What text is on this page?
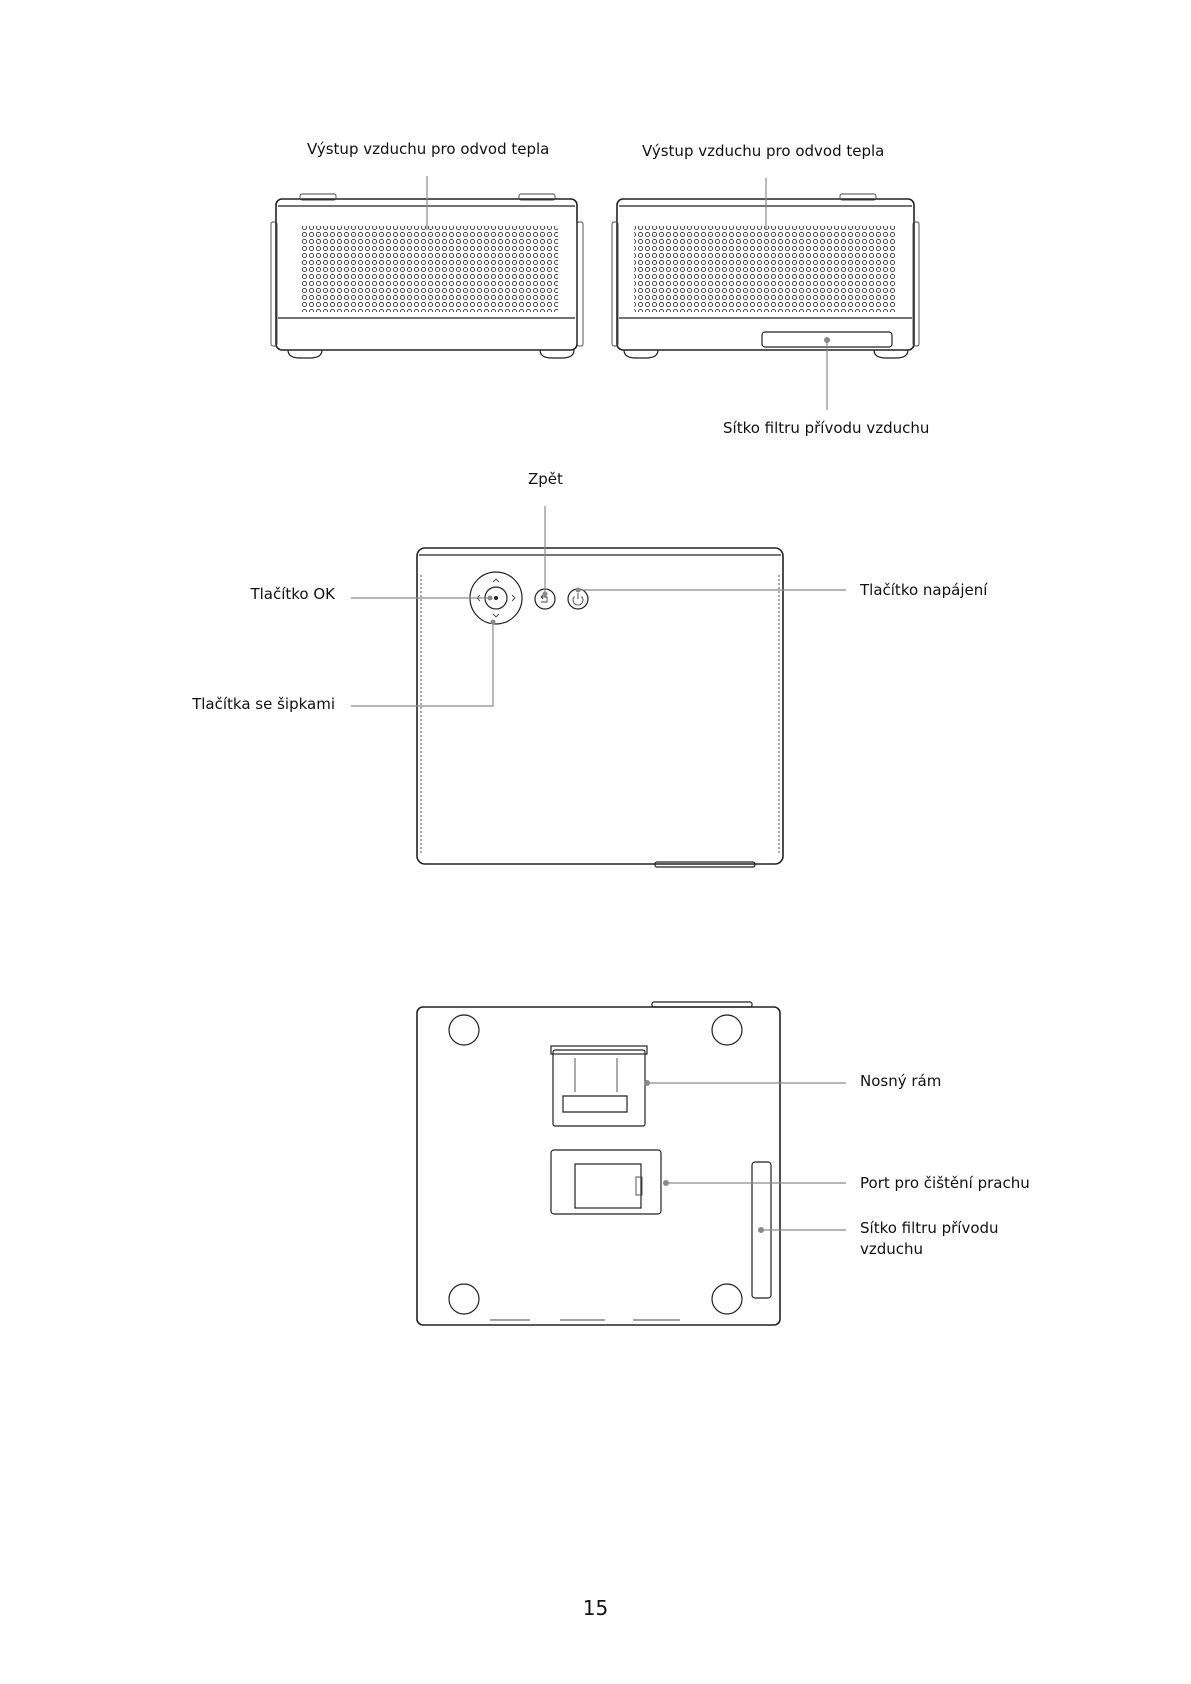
Výstup vzduchu pro odvod tepla	Výstup vzduchu pro odvod tepla
Sítko filtru přívodu vzduchu
Zpět
Tlačítko OK
Tlačítka se šipkami
Tlačítko napájení
Nosný rám
Port pro čištění prachu
Sítko filtru přívodu
vzduchu
15
